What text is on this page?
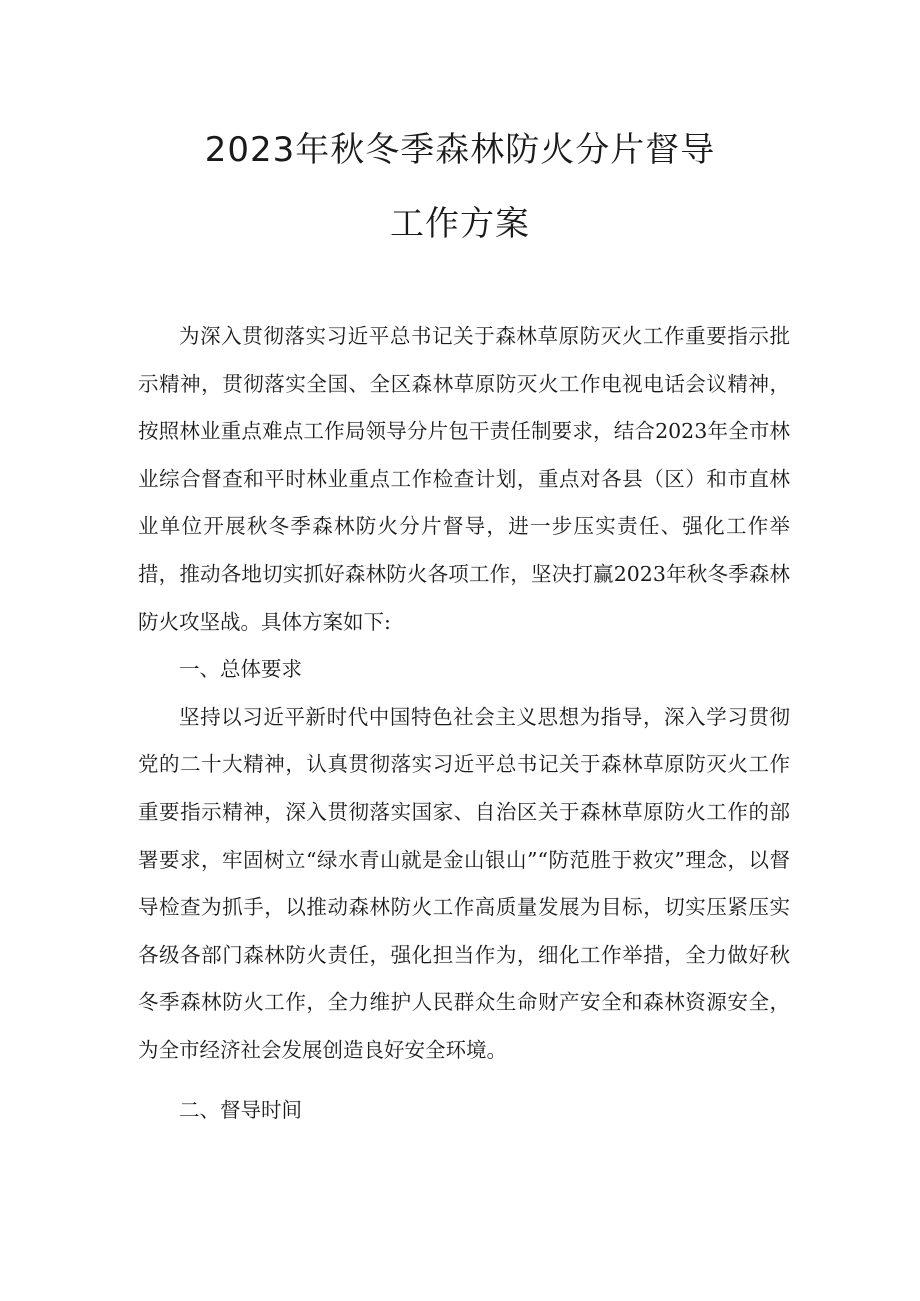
2023年秋冬季森林防火分片督导
工作方案

为深入贯彻落实习近平总书记关于森林草原防灭火工作重要指示批示精神，贯彻落实全国、全区森林草原防灭火工作电视电话会议精神，按照林业重点难点工作局领导分片包干责任制要求，结合2023年全市林业综合督查和平时林业重点工作检查计划，重点对各县（区）和市直林业单位开展秋冬季森林防火分片督导，进一步压实责任、强化工作举措，推动各地切实抓好森林防火各项工作，坚决打赢2023年秋冬季森林防火攻坚战。具体方案如下:

一、总体要求

坚持以习近平新时代中国特色社会主义思想为指导，深入学习贯彻党的二十大精神，认真贯彻落实习近平总书记关于森林草原防灭火工作重要指示精神，深入贯彻落实国家、自治区关于森林草原防火工作的部署要求，牢固树立“绿水青山就是金山银山”“防范胜于救灾”理念，以督导检查为抓手，以推动森林防火工作高质量发展为目标，切实压紧压实各级各部门森林防火责任，强化担当作为，细化工作举措，全力做好秋冬季森林防火工作，全力维护人民群众生命财产安全和森林资源安全，为全市经济社会发展创造良好安全环境。

二、督导时间
